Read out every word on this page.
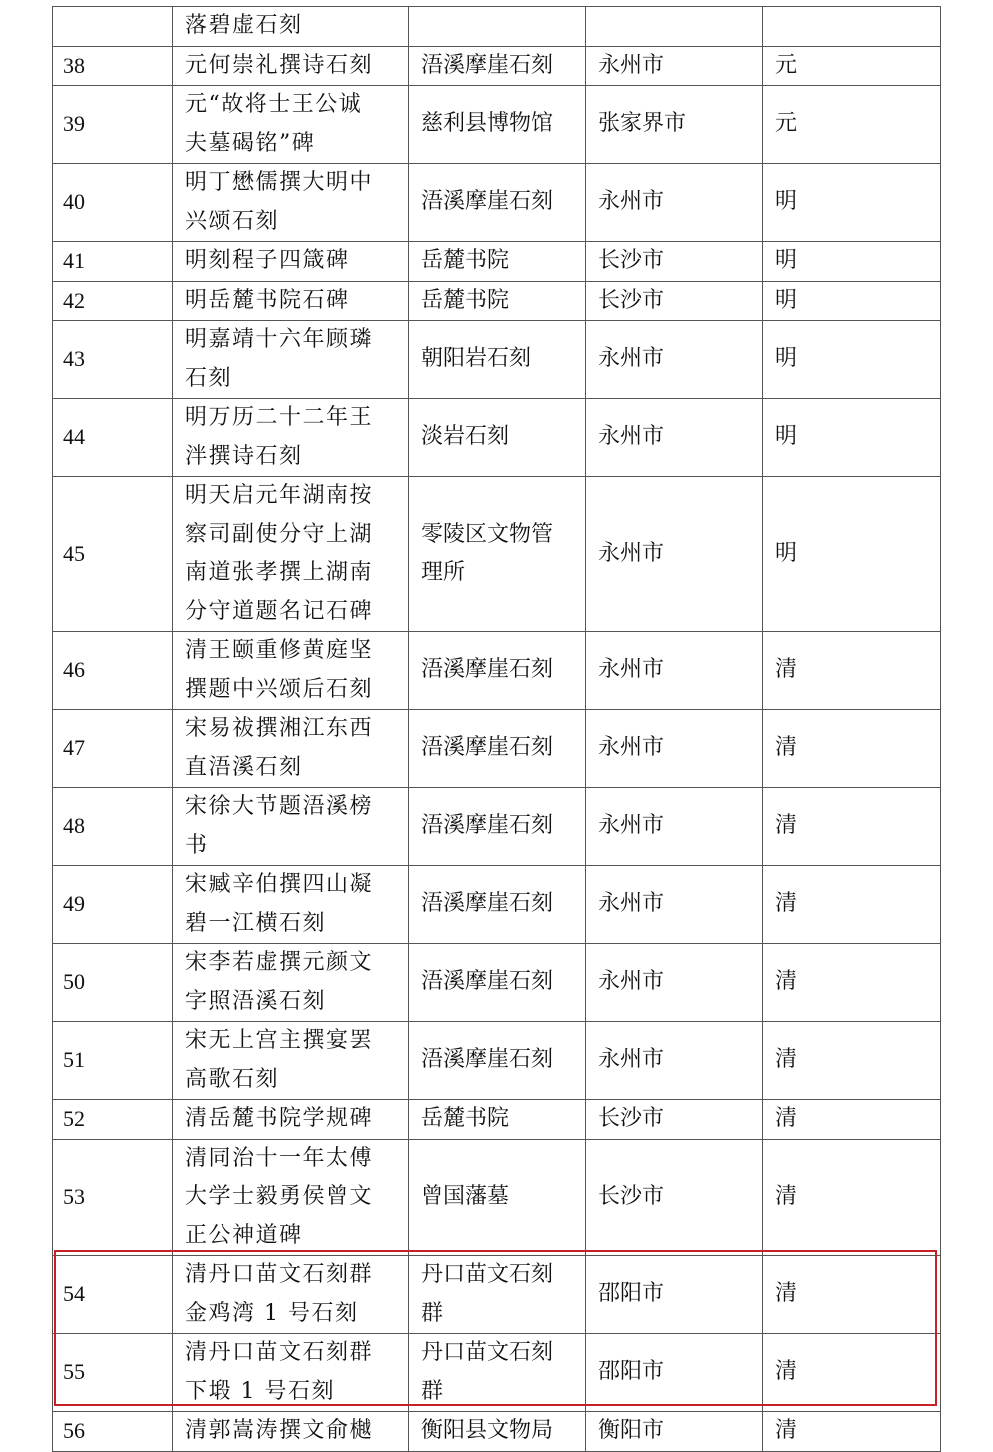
	落碧虚石刻			
38	元何崇礼撰诗石刻	浯溪摩崖石刻	永州市	元
39	元“故将士王公诚
夫墓碣铭”碑	慈利县博物馆	张家界市	元
40	明丁懋儒撰大明中
兴颂石刻	浯溪摩崖石刻	永州市	明
41	明刻程子四箴碑	岳麓书院	长沙市	明
42	明岳麓书院石碑	岳麓书院	长沙市	明
43	明嘉靖十六年顾璘
石刻	朝阳岩石刻	永州市	明
44	明万历二十二年王
泮撰诗石刻	淡岩石刻	永州市	明
45	明天启元年湖南按
察司副使分守上湖
南道张孝撰上湖南
分守道题名记石碑	零陵区文物管
理所	永州市	明
46	清王颐重修黄庭坚
撰题中兴颂后石刻	浯溪摩崖石刻	永州市	清
47	宋易祓撰湘江东西
直浯溪石刻	浯溪摩崖石刻	永州市	清
48	宋徐大节题浯溪榜
书	浯溪摩崖石刻	永州市	清
49	宋臧辛伯撰四山凝
碧一江横石刻	浯溪摩崖石刻	永州市	清
50	宋李若虚撰元颜文
字照浯溪石刻	浯溪摩崖石刻	永州市	清
51	宋无上宫主撰宴罢
高歌石刻	浯溪摩崖石刻	永州市	清
52	清岳麓书院学规碑	岳麓书院	长沙市	清
53	清同治十一年太傅
大学士毅勇侯曾文
正公神道碑	曾国藩墓	长沙市	清
54	清丹口苗文石刻群
金鸡湾 1 号石刻	丹口苗文石刻
群	邵阳市	清
55	清丹口苗文石刻群
下塅 1 号石刻	丹口苗文石刻
群	邵阳市	清
56	清郭嵩涛撰文俞樾	衡阳县文物局	衡阳市	清
